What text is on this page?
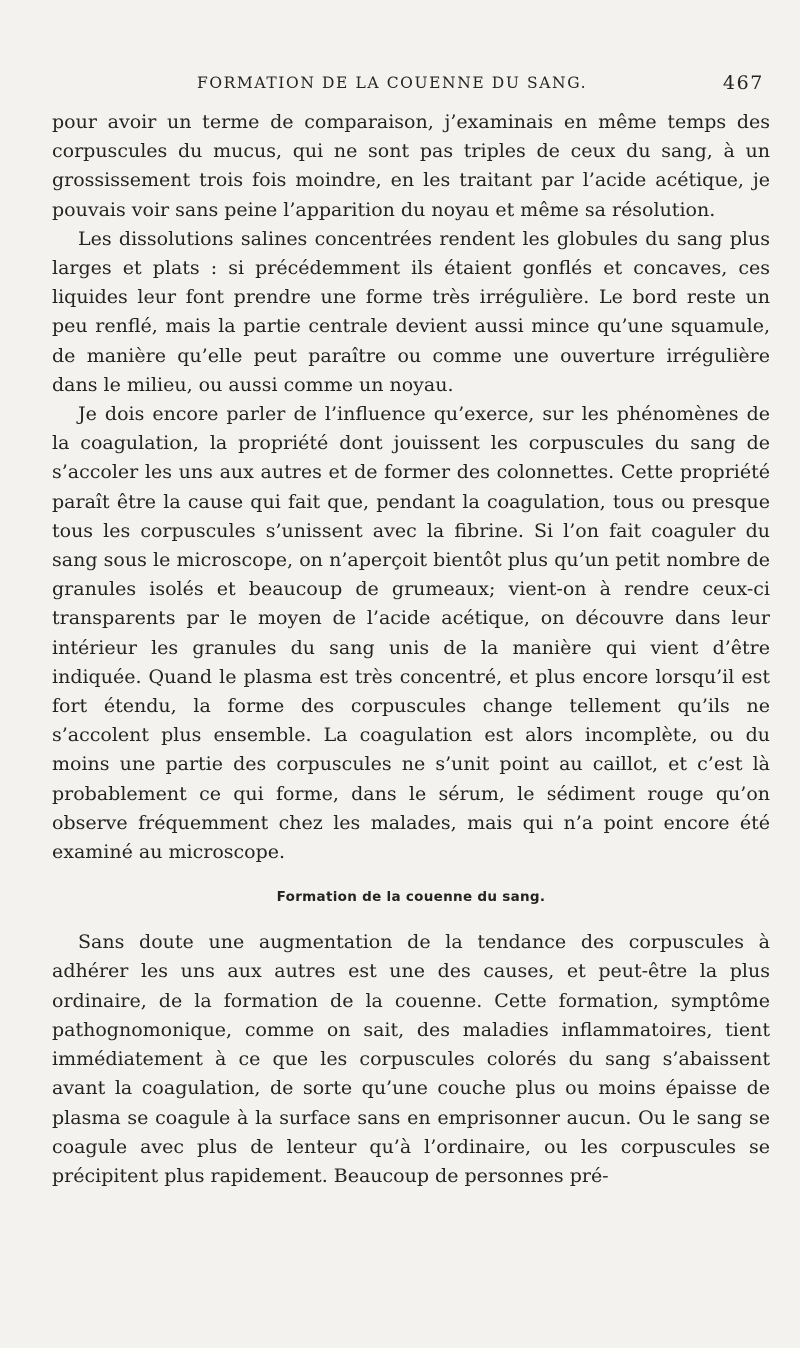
FORMATION DE LA COUENNE DU SANG.	467

pour avoir un terme de comparaison, j’examinais en même temps des corpuscules du mucus, qui ne sont pas triples de ceux du sang, à un grossissement trois fois moindre, en les traitant par l’acide acétique, je pouvais voir sans peine l’apparition du noyau et même sa résolution.

Les dissolutions salines concentrées rendent les globules du sang plus larges et plats : si précédemment ils étaient gonflés et concaves, ces liquides leur font prendre une forme très irrégulière. Le bord reste un peu renflé, mais la partie centrale devient aussi mince qu’une squamule, de manière qu’elle peut paraître ou comme une ouverture irrégulière dans le milieu, ou aussi comme un noyau.

Je dois encore parler de l’influence qu’exerce, sur les phénomènes de la coagulation, la propriété dont jouissent les corpuscules du sang de s’accoler les uns aux autres et de former des colonnettes. Cette propriété paraît être la cause qui fait que, pendant la coagulation, tous ou presque tous les corpuscules s’unissent avec la fibrine. Si l’on fait coaguler du sang sous le microscope, on n’aperçoit bientôt plus qu’un petit nombre de granules isolés et beaucoup de grumeaux; vient-on à rendre ceux-ci transparents par le moyen de l’acide acétique, on découvre dans leur intérieur les granules du sang unis de la manière qui vient d’être indiquée. Quand le plasma est très concentré, et plus encore lorsqu’il est fort étendu, la forme des corpuscules change tellement qu’ils ne s’accolent plus ensemble. La coagulation est alors incomplète, ou du moins une partie des corpuscules ne s’unit point au caillot, et c’est là probablement ce qui forme, dans le sérum, le sédiment rouge qu’on observe fréquemment chez les malades, mais qui n’a point encore été examiné au microscope.

Formation de la couenne du sang.

Sans doute une augmentation de la tendance des corpuscules à adhérer les uns aux autres est une des causes, et peut-être la plus ordinaire, de la formation de la couenne. Cette formation, symptôme pathognomonique, comme on sait, des maladies inflammatoires, tient immédiatement à ce que les corpuscules colorés du sang s’abaissent avant la coagulation, de sorte qu’une couche plus ou moins épaisse de plasma se coagule à la surface sans en emprisonner aucun. Ou le sang se coagule avec plus de lenteur qu’à l’ordinaire, ou les corpuscules se précipitent plus rapidement. Beaucoup de personnes pré-
